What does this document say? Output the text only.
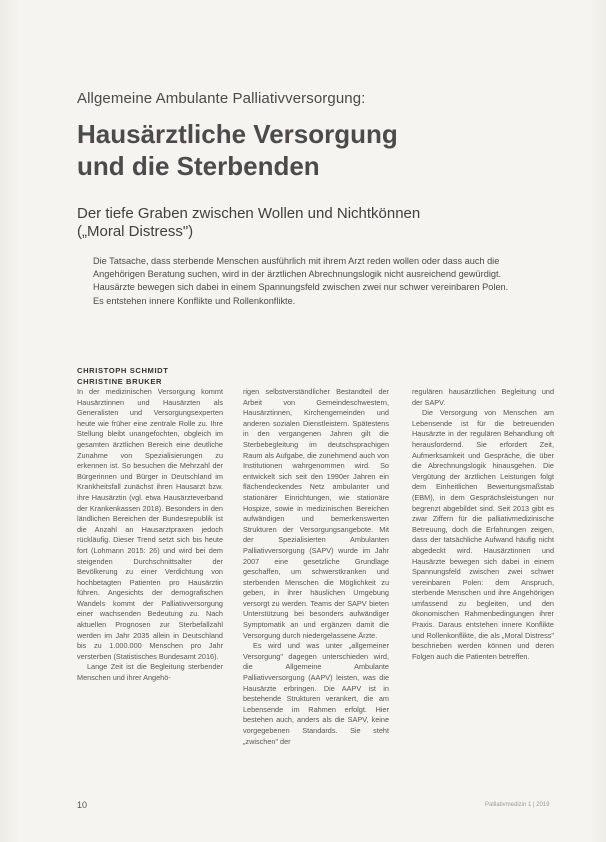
Allgemeine Ambulante Palliativversorgung:
Hausärztliche Versorgung
und die Sterbenden
Der tiefe Graben zwischen Wollen und Nichtkönnen
(„Moral Distress")
Die Tatsache, dass sterbende Menschen ausführlich mit ihrem Arzt reden wollen oder dass auch die Angehörigen Beratung suchen, wird in der ärztlichen Abrechnungslogik nicht ausreichend gewürdigt. Hausärzte bewegen sich dabei in einem Spannungsfeld zwischen zwei nur schwer vereinbaren Polen. Es entstehen innere Konflikte und Rollenkonflikte.
CHRISTOPH SCHMIDT
CHRISTINE BRUKER

In der medizinischen Versorgung kommt Hausärztinnen und Hausärzten als Generalisten und Versorgungsexperten heute wie früher eine zentrale Rolle zu. Ihre Stellung bleibt unangefochten, obgleich im gesamten ärztlichen Bereich eine deutliche Zunahme von Spezialisierungen zu erkennen ist. So besuchen die Mehrzahl der Bürgerinnen und Bürger in Deutschland im Krankheitsfall zunächst ihren Hausarzt bzw. ihre Hausärztin (vgl. etwa Hausärzteverband der Krankenkassen 2018). Besonders in den ländlichen Bereichen der Bundesrepublik ist die Anzahl an Hausarztpraxen jedoch rückläufig. Dieser Trend setzt sich bis heute fort (Lohmann 2015: 26) und wird bei dem steigenden Durchschnittsalter der Bevölkerung zu einer Verdichtung von hochbetagten Patienten pro Hausärztin führen. Angesichts der demografischen Wandels kommt der Palliativversorgung einer wachsenden Bedeutung zu. Nach aktuellen Prognosen zur Sterbefallzahl werden im Jahr 2035 allein in Deutschland bis zu 1.000.000 Menschen pro Jahr versterben (Statistisches Bundesamt 2016).

Lange Zeit ist die Begleitung sterbender Menschen und ihrer Angehö-

rigen selbstverständlicher Bestandteil der Arbeit von Gemeindeschwestern, Hausärztinnen, Kirchengemeinden und anderen sozialen Dienstleistern. Spätestens in den vergangenen Jahren gilt die Sterbebegleitung im deutschsprachigen Raum als Aufgabe, die zunehmend auch von Institutionen wahrgenommen wird. So entwickelt sich seit den 1990er Jahren ein flächendeckendes Netz ambulanter und stationärer Einrichtungen, wie stationäre Hospize, sowie in medizinischen Bereichen aufwändigen und bemerkenswerten Strukturen der Versorgungsangebote. Mit der Spezialisierten Ambulanten Palliativversorgung (SAPV) wurde im Jahr 2007 eine gesetzliche Grundlage geschaffen, um schwerstkranken und sterbenden Menschen die Möglichkeit zu geben, in ihrer häuslichen Umgebung versorgt zu werden. Teams der SAPV bieten Unterstützung bei besonders aufwändiger Symptomatik an und ergänzen damit die Versorgung durch niedergelassene Ärzte.

Es wird und was unter „allgemeiner Versorgung" dagegen unterschieden wird, die Allgemeine Ambulante Palliativversorgung (AAPV) leisten, was die Hausärzte erbringen. Die AAPV ist in bestehende Strukturen verankert, die am Lebensende im Rahmen erfolgt. Hier bestehen auch, anders als die SAPV, keine vorgegebenen Standards. Sie steht „zwischen" der

regulären hausärztlichen Begleitung und der SAPV.

Die Versorgung von Menschen am Lebensende ist für die betreuenden Hausärzte in der regulären Behandlung oft herausfordernd. Sie erfordert Zeit, Aufmerksamkeit und Gespräche, die über die Abrechnungslogik hinausgehen. Die Vergütung der ärztlichen Leistungen folgt dem Einheitlichen Bewertungsmaßstab (EBM), in dem Gesprächsleistungen nur begrenzt abgebildet sind. Seit 2013 gibt es zwar Ziffern für die palliativmedizinische Betreuung, doch die Erfahrungen zeigen, dass der tatsächliche Aufwand häufig nicht abgedeckt wird. Hausärztinnen und Hausärzte bewegen sich dabei in einem Spannungsfeld zwischen zwei schwer vereinbaren Polen: dem Anspruch, sterbende Menschen und ihre Angehörigen umfassend zu begleiten, und den ökonomischen Rahmenbedingungen ihrer Praxis. Daraus entstehen innere Konflikte und Rollenkonflikte, die als „Moral Distress" beschrieben werden können und deren Folgen auch die Patienten betreffen.

10	Palliativmedizin 1 | 2019
